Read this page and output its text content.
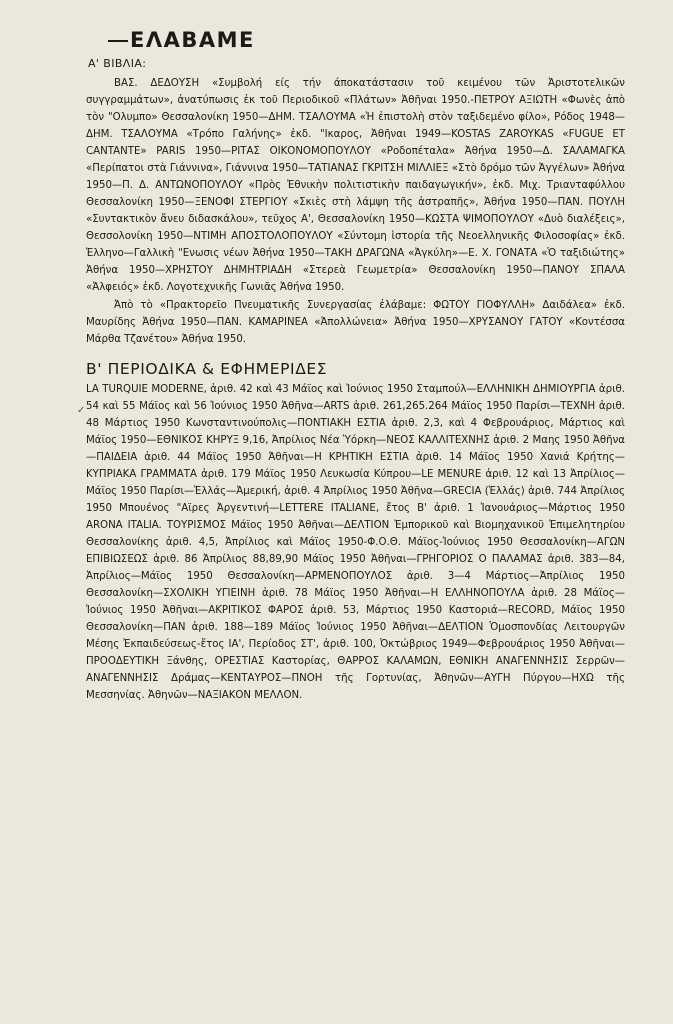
ΕΛΑΒΑΜΕ
Α' ΒΙΒΛΙΑ:

ΒΑΣ. ΔΕΔΟΥΣΗ «Συμβολή είς τήν άποκατάστασιν τοῦ κειμένου τῶν Ἀριστοτελικῶν συγγραμμάτων», ἀνατύπωσις ἐκ τοῦ Περιοδικοῦ «Πλάτων» Ἀθῆναι 1950.-ΠΕΤΡΟΥ ΑΞΙΩΤΗ «Φωνὲς ἀπὸ τὸν "Ολυμπο» Θεσσαλονίκη 1950—ΔΗΜ. ΤΣΑΛΟΥΜΑ «Ἡ ἐπιστολὴ στὸν ταξιδεμένο φίλο», Ρόδος 1948—ΔΗΜ. ΤΣΑΛΟΥΜΑ «Τρόπο Γαλήνης» ἐκδ. "Ικαρος, Ἀθῆναι 1949—KOSTAS ZAROYKAS «FUGUE ET CANTANTE» PARIS 1950—ΡΙΤΑΣ ΟΙΚΟΝΟΜΟΠΟΥΛΟΥ «Ροδοπέταλα» Ἀθήνα 1950—Δ. ΣΑΛΑΜΑΓΚΑ «Περίπατοι στὰ Γιάννινα», Γιάννινα 1950—ΤΑΤΙΑΝΑΣ ΓΚΡΙΤΣΗ ΜΙΛΛΙΕΞ «Στὸ δρόμο τῶν Ἀγγέλων» Ἀθήνα 1950—Π. Δ. ΑΝΤΩΝΟΠΟΥΛΟΥ «Πρὸς Ἐθνικὴν πολιτιστικὴν παιδαγωγικήν», ἐκδ. Μιχ. Τριανταφύλλου Θεσσαλονίκη 1950—ΞΕΝΟΦΙ ΣΤΕΡΓΙΟΥ «Σκιὲς στὴ λάμψη τῆς ἀστραπῆς», Ἀθήνα 1950—ΠΑΝ. ΠΟΥΛΗ «Συντακτικὸν ἄνευ διδασκάλου», τεῦχος Α', Θεσσαλονίκη 1950—ΚΩΣΤΑ ΨΙΜΟΠΟΥΛΟΥ «Δυὸ διαλέξεις», Θεσσολονίκη 1950—ΝΤΙΜΗ ΑΠΟΣΤΟΛΟΠΟΥΛΟΥ «Σύντομη ἱστορία τῆς Νεοελληνικῆς Φιλοσοφίας» ἐκδ. Ἑλληνο—Γαλλικὴ "Ενωσις νέων Ἀθήνα 1950—ΤΑΚΗ ΔΡΑΓΩΝΑ «Ἀγκύλη»—Ε. Χ. ΓΟΝΑΤΑ «Ὁ ταξιδιώτης» Ἀθήνα 1950—ΧΡΗΣΤΟΥ ΔΗΜΗΤΡΙΑΔΗ «Στερεὰ Γεωμετρία» Θεσσαλονίκη 1950—ΠΑΝΟΥ ΣΠΑΛΑ «Ἀλφειός» ἐκδ. Λογοτεχνικῆς Γωνιᾶς Ἀθήνα 1950.

Ἀπὸ τὸ «Πρακτορεῖο Πνευματικῆς Συνεργασίας ἐλάβαμε: ΦΩΤΟΥ ΓΙΟΦΥΛΛΗ» Δαιδάλεα» ἐκδ. Μαυρίδης Ἀθήνα 1950—ΠΑΝ. ΚΑΜΑΡΙΝΕΑ «Ἀπολλώνεια» Ἀθήνα 1950—ΧΡΥΣΑΝΟΥ ΓΑΤΟΥ «Κοντέσσα Μάρθα Τζανέτου» Ἀθήνα 1950.

Β' ΠΕΡΙΟΔΙΚΑ & ΕΦΗΜΕΡΙΔΕΣ

LA TURQUIE MODERNE, ἀριθ. 42 καὶ 43 Μάϊος καὶ Ἰούνιος 1950 Σταμπούλ—ΕΛΛΗΝΙΚΗ ΔΗΜΙΟΥΡΓΙΑ ἀριθ. 54 καὶ 55 Μάϊος καὶ 56 Ἰούνιος 1950 Ἀθῆνα—ARTS ἀριθ. 261,265.264 Μάϊος 1950 Παρίσι—ΤΕΧΝΗ ἀριθ. 48 Μάρτιος 1950 Κωνσταντινούπολις—ΠΟΝΤΙΑΚΗ ΕΣΤΙΑ ἀριθ. 2,3, καὶ 4 Φεβρουάριος, Μάρτιος καὶ Μάϊος 1950—ΕΘΝΙΚΟΣ ΚΗΡΥΞ 9,16, Ἀπρίλιος Νέα Ὑόρκη—ΝΕΟΣ ΚΑΛΛΙΤΕΧΝΗΣ ἀριθ. 2 Μαης 1950 Ἀθῆνα—ΠΑΙΔΕΙΑ ἀριθ. 44 Μάϊος 1950 Ἀθῆναι—Η ΚΡΗΤΙΚΗ ΕΣΤΙΑ ἀριθ. 14 Μάϊος 1950 Χανιά Κρήτης—ΚΥΠΡΙΑΚΑ ΓΡΑΜΜΑΤΑ ἀριθ. 179 Μάϊος 1950 Λευκωσία Κύπρου—LE MENURE ἀριθ. 12 καὶ 13 Ἀπρίλιος—Μάϊος 1950 Παρίσι—Ἑλλάς—Ἀμερική, ἀριθ. 4 Ἀπρίλιος 1950 Ἀθῆνα—GRECIA (Ἑλλάς) ἀριθ. 744 Ἀπρίλιος 1950 Μπουένος "Αϊρες Ἀργεντινή—LETTERE ITALIANE, ἔτος Β' ἀριθ. 1 Ἰανουάριος—Μάρτιος 1950 ARONA ITALIA. ΤΟΥΡΙΣΜΟΣ Μάϊος 1950 Ἀθῆναι—ΔΕΛΤΙΟΝ Ἐμπορικοῦ καὶ Βιομηχανικοῦ Ἐπιμελητηρίου Θεσσαλονίκης ἀριθ. 4,5, Ἀπρίλιος καὶ Μάϊος 1950-Φ.Ο.Θ. Μάϊος-Ἰούνιος 1950 Θεσσαλονίκη—ΑΓΩΝ ΕΠΙΒΙΩΣΕΩΣ ἀριθ. 86 Ἀπρίλιος 88,89,90 Μάϊος 1950 Ἀθῆναι—ΓΡΗΓΟΡΙΟΣ Ο ΠΑΛΑΜΑΣ ἀριθ. 383—84, Ἀπρίλιος—Μάϊος 1950 Θεσσαλονίκη—ΑΡΜΕΝΟΠΟΥΛΟΣ ἀριθ. 3—4 Μάρτιος—Ἀπρίλιος 1950 Θεσσαλονίκη—ΣΧΟΛΙΚΗ ΥΓΙΕΙΝΗ ἀριθ. 78 Μάϊος 1950 Ἀθῆναι—Η ΕΛΛΗΝΟΠΟΥΛΑ ἀριθ. 28 Μάϊος—Ἰούνιος 1950 Ἀθῆναι—ΑΚΡΙΤΙΚΟΣ ΦΑΡΟΣ ἀριθ. 53, Μάρτιος 1950 Καστοριά—RECORD, Μάϊος 1950 Θεσσαλονίκη—ΠΑΝ ἀριθ. 188—189 Μάϊος Ἰούνιος 1950 Ἀθῆναι—ΔΕΛΤΙΟΝ Ὁμοσπονδίας Λειτουργῶν Μέσης Ἐκπαιδεύσεως-ἔτος ΙΑ', Περίοδος ΣΤ', ἀριθ. 100, Ὀκτώβριος 1949—Φεβρουάριος 1950 Ἀθῆναι—ΠΡΟΟΔΕΥΤΙΚΗ Ξάνθης, ΟΡΕΣΤΙΑΣ Καστορίας, ΘΑΡΡΟΣ ΚΑΛΑΜΩΝ, ΕΘΝΙΚΗ ΑΝΑΓΕΝΝΗΣΙΣ Σερρῶν—ΑΝΑΓΕΝΝΗΣΙΣ Δράμας—ΚΕΝΤΑΥΡΟΣ—ΠΝΟΗ τῆς Γορτυνίας, Ἀθηνῶν—ΑΥΓΗ Πύργου—ΗΧΩ τῆς Μεσσηνίας. Ἀθηνῶν—ΝΑΞΙΑΚΟΝ ΜΕΛΛΟΝ.

✓
